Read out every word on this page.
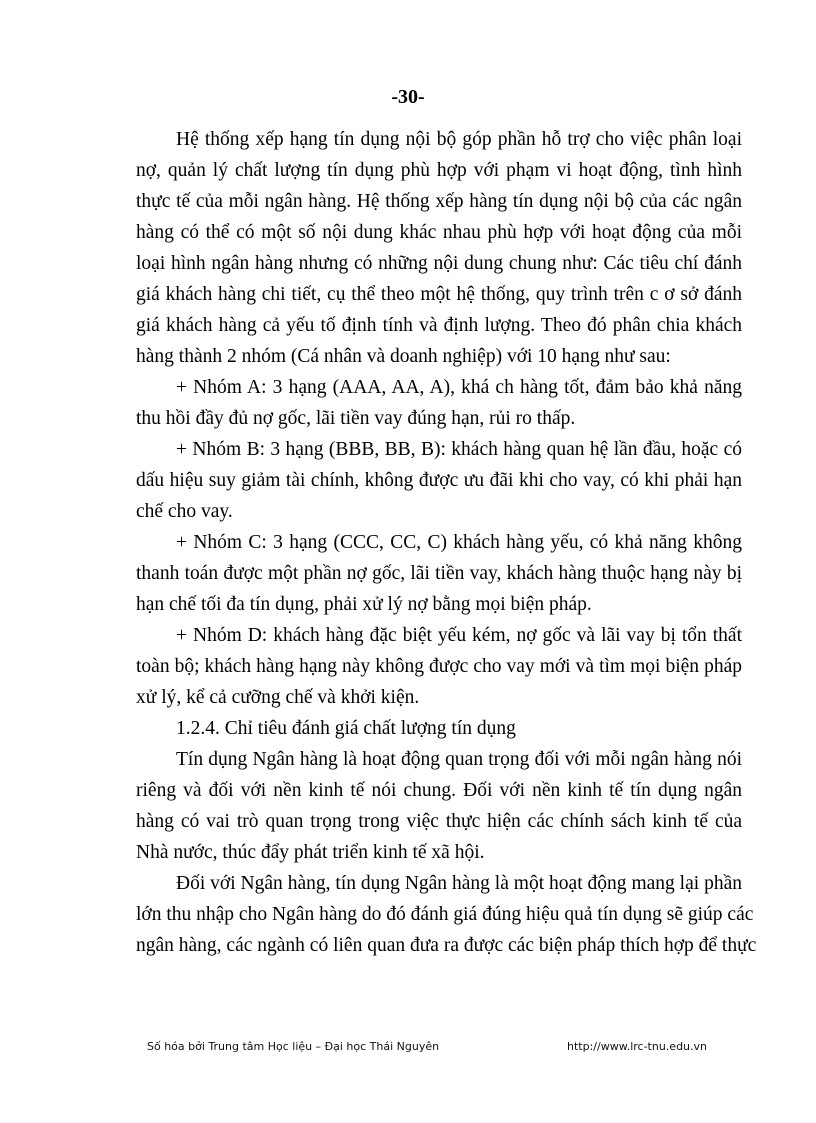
-30-
Hệ thống xếp hạng tín dụng nội bộ góp phần hỗ trợ cho việc phân loại
nợ, quản lý chất lượng tín dụng phù hợp với phạm vi hoạt động, tình hình
thực tế của mỗi ngân hàng. Hệ thống xếp hàng tín dụng nội bộ của các ngân
hàng có thể có một số nội dung khác nhau phù hợp với hoạt động của mỗi
loại hình ngân hàng nhưng có những nội dung chung như: Các tiêu chí đánh
giá khách hàng chi tiết, cụ thể theo một hệ thống, quy trình trên c ơ sở đánh
giá khách hàng cả yếu tố định tính và định lượng. Theo đó phân chia khách
hàng thành 2 nhóm (Cá nhân và doanh nghiệp) với 10 hạng như sau:
+ Nhóm A: 3 hạng (AAA, AA, A), khá ch hàng tốt, đảm bảo khả năng
thu hồi đầy đủ nợ gốc, lãi tiền vay đúng hạn, rủi ro thấp.
+ Nhóm B: 3 hạng (BBB, BB, B): khách hàng quan hệ lần đầu, hoặc có
dấu hiệu suy giảm tài chính, không được ưu đãi khi cho vay, có khi phải hạn
chế cho vay.
+ Nhóm C: 3 hạng (CCC, CC, C) khách hàng yếu, có khả năng không
thanh toán được một phần nợ gốc, lãi tiền vay, khách hàng thuộc hạng này bị
hạn chế tối đa tín dụng, phải xử lý nợ bằng mọi biện pháp.
+ Nhóm D: khách hàng đặc biệt yếu kém, nợ gốc và lãi vay bị tổn thất
toàn bộ; khách hàng hạng này không được cho vay mới và tìm mọi biện pháp
xử lý, kể cả cưỡng chế và khởi kiện.
1.2.4. Chỉ tiêu đánh giá chất lượng tín dụng
Tín dụng Ngân hàng là hoạt động quan trọng đối với mỗi ngân hàng nói
riêng và đối với nền kinh tế nói chung. Đối với nền kinh tế tín dụng ngân
hàng có vai trò quan trọng trong việc thực hiện các chính sách kinh tế của
Nhà nước, thúc đẩy phát triển kinh tế xã hội.
Đối với Ngân hàng, tín dụng Ngân hàng là một hoạt động mang lại phần
lớn thu nhập cho Ngân hàng do đó đánh giá đúng hiệu quả tín dụng sẽ giúp các
ngân hàng, các ngành có liên quan đưa ra được các biện pháp thích hợp để thực
Số hóa bởi Trung tâm Học liệu – Đại học Thái Nguyên	http://www.lrc-tnu.edu.vn
